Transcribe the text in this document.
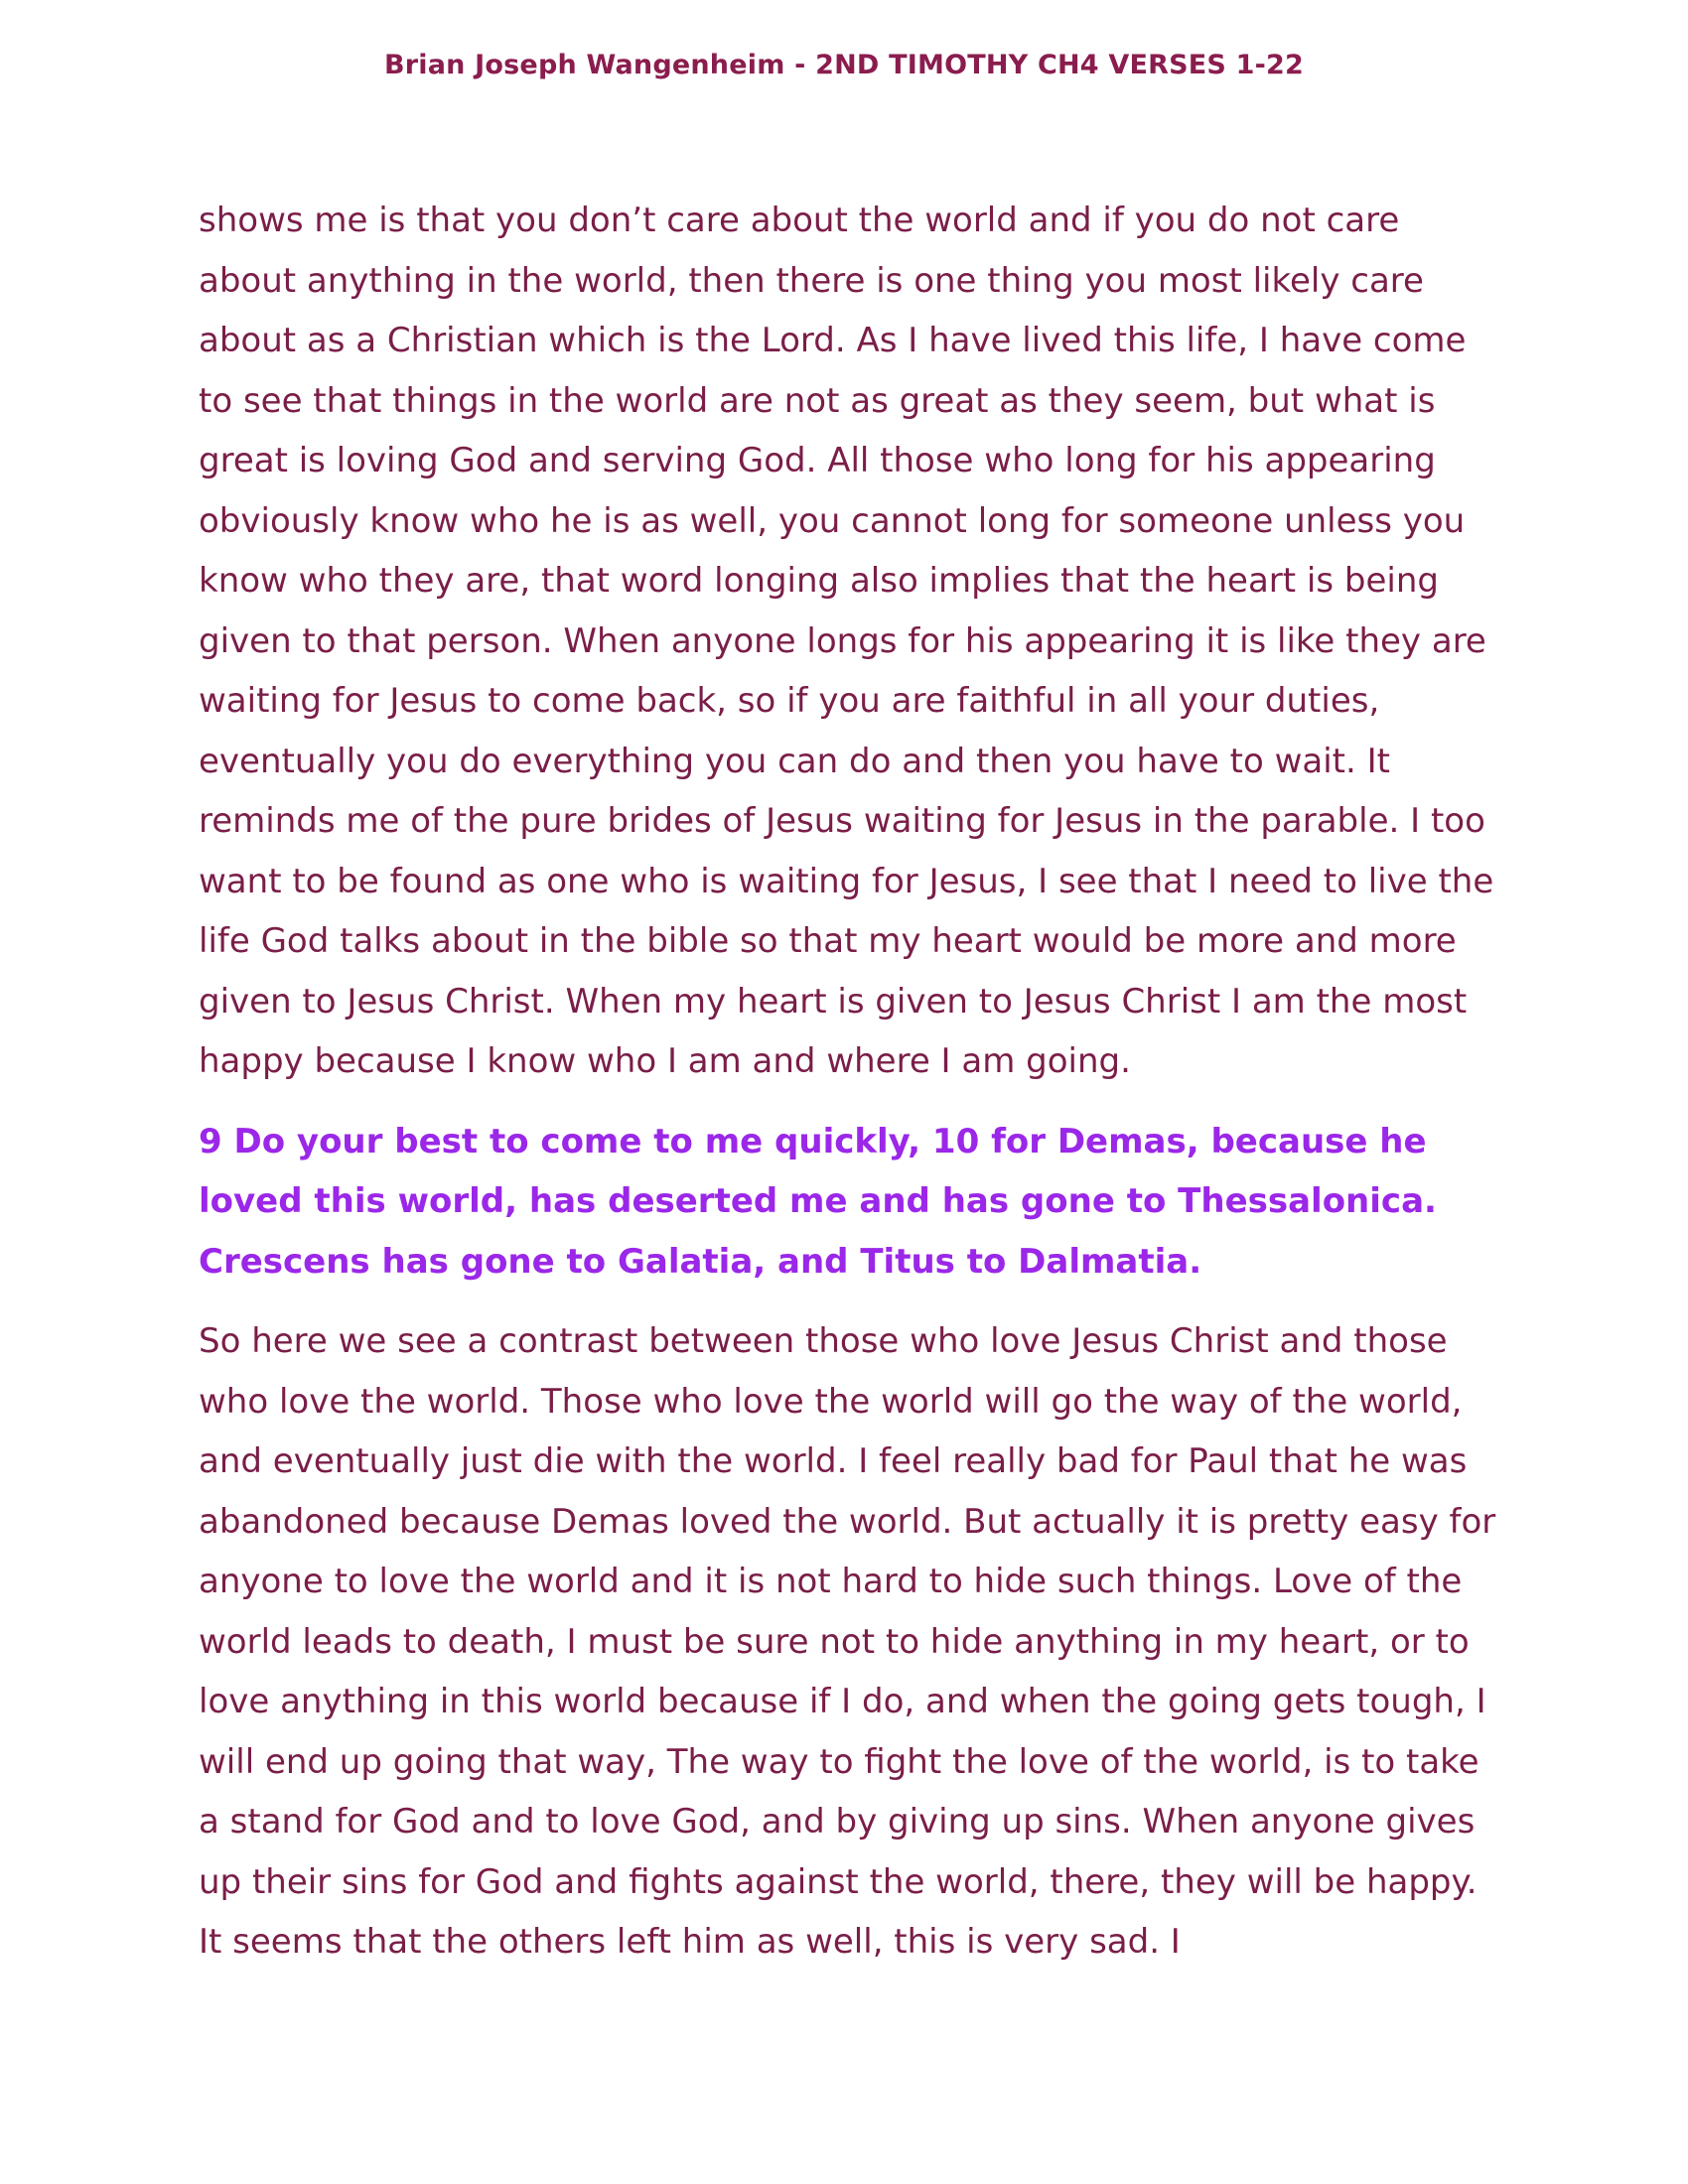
Brian Joseph Wangenheim - 2ND TIMOTHY CH4 VERSES 1-22

shows me is that you don’t care about the world and if you do not care about anything in the world, then there is one thing you most likely care about as a Christian which is the Lord. As I have lived this life, I have come to see that things in the world are not as great as they seem, but what is great is loving God and serving God. All those who long for his appearing obviously know who he is as well, you cannot long for someone unless you know who they are, that word longing also implies that the heart is being given to that person. When anyone longs for his appearing it is like they are waiting for Jesus to come back, so if you are faithful in all your duties, eventually you do everything you can do and then you have to wait. It reminds me of the pure brides of Jesus waiting for Jesus in the parable. I too want to be found as one who is waiting for Jesus, I see that I need to live the life God talks about in the bible so that my heart would be more and more given to Jesus Christ. When my heart is given to Jesus Christ I am the most happy because I know who I am and where I am going.

9 Do your best to come to me quickly, 10 for Demas, because he loved this world, has deserted me and has gone to Thessalonica. Crescens has gone to Galatia, and Titus to Dalmatia.

So here we see a contrast between those who love Jesus Christ and those who love the world. Those who love the world will go the way of the world, and eventually just die with the world. I feel really bad for Paul that he was abandoned because Demas loved the world. But actually it is pretty easy for anyone to love the world and it is not hard to hide such things. Love of the world leads to death, I must be sure not to hide anything in my heart, or to love anything in this world because if I do, and when the going gets tough, I will end up going that way, The way to fight the love of the world, is to take a stand for God and to love God, and by giving up sins. When anyone gives up their sins for God and fights against the world, there, they will be happy. It seems that the others left him as well, this is very sad. I
